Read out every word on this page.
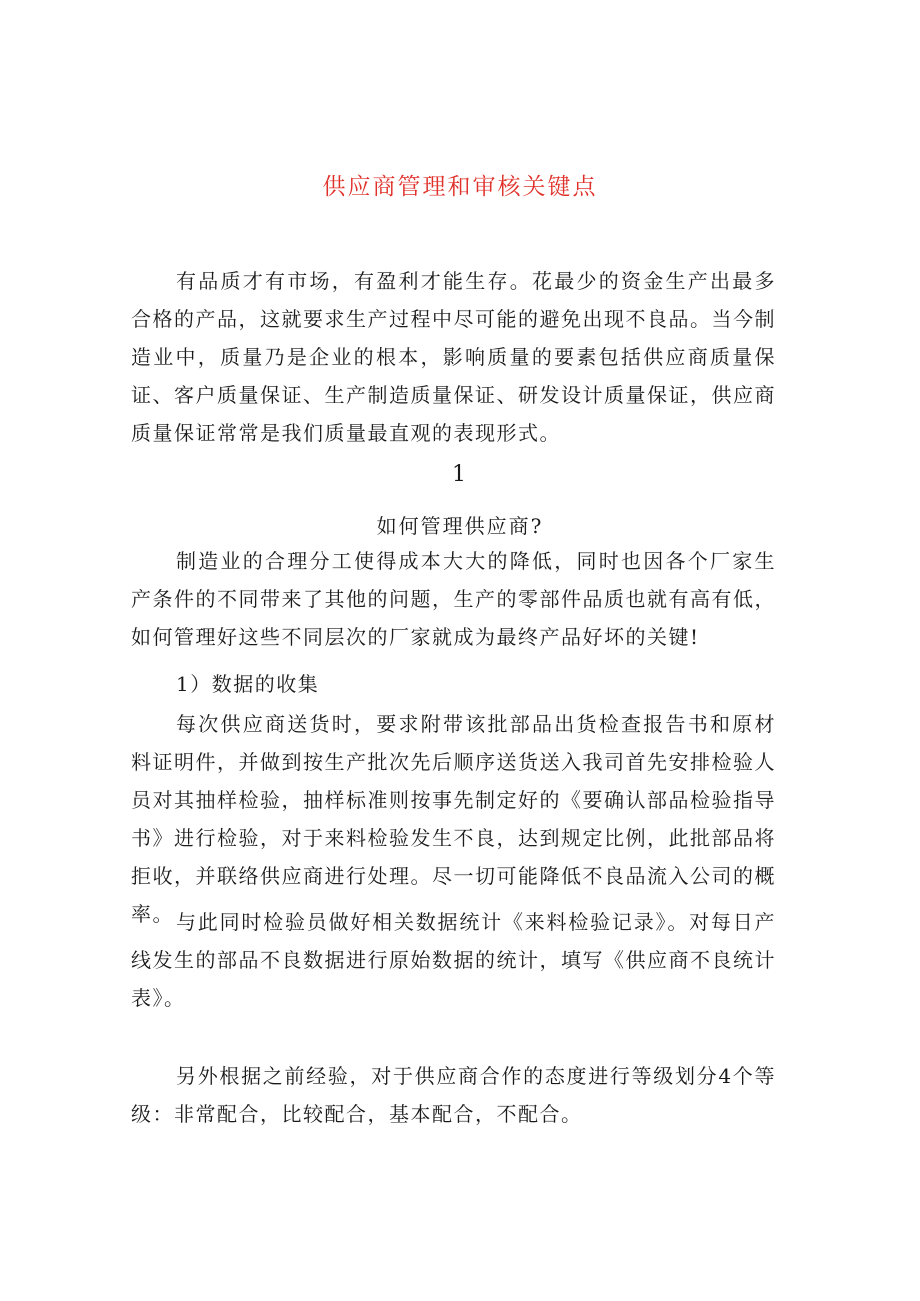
供应商管理和审核关键点
有品质才有市场，有盈利才能生存。花最少的资金生产出最多合格的产品，这就要求生产过程中尽可能的避免出现不良品。当今制造业中，质量乃是企业的根本，影响质量的要素包括供应商质量保证、客户质量保证、生产制造质量保证、研发设计质量保证，供应商质量保证常常是我们质量最直观的表现形式。
1
如何管理供应商?
制造业的合理分工使得成本大大的降低，同时也因各个厂家生产条件的不同带来了其他的问题，生产的零部件品质也就有高有低，如何管理好这些不同层次的厂家就成为最终产品好坏的关键!
1）数据的收集
每次供应商送货时，要求附带该批部品出货检查报告书和原材料证明件，并做到按生产批次先后顺序送货送入我司首先安排检验人员对其抽样检验，抽样标准则按事先制定好的《要确认部品检验指导书》进行检验，对于来料检验发生不良，达到规定比例，此批部品将拒收，并联络供应商进行处理。尽一切可能降低不良品流入公司的概率。 与此同时检验员做好相关数据统计《来料检验记录》。对每日产线发生的部品不良数据进行原始数据的统计，填写《供应商不良统计表》。
另外根据之前经验，对于供应商合作的态度进行等级划分4个等级：非常配合，比较配合，基本配合，不配合。
